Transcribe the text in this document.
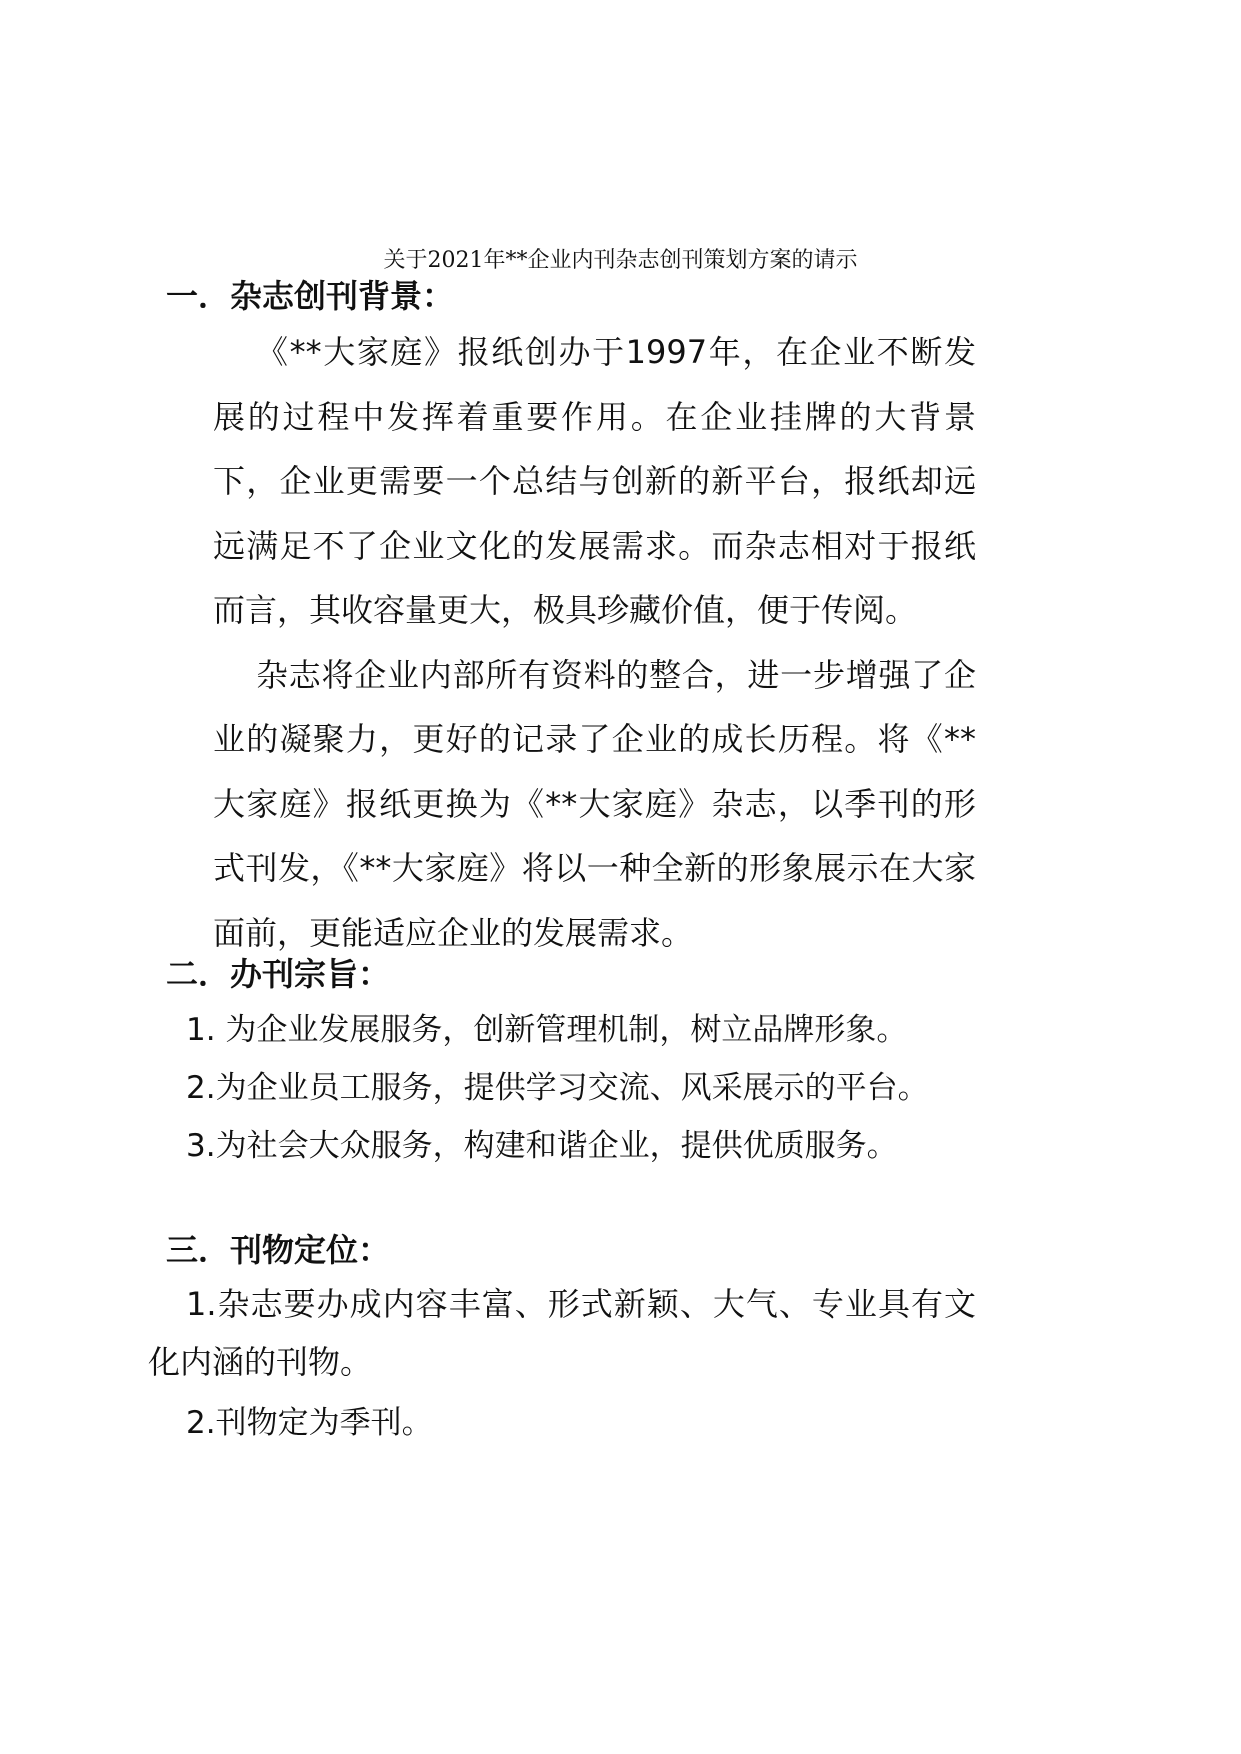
关于2021年**企业内刊杂志创刊策划方案的请示
一．杂志创刊背景：

《**大家庭》报纸创办于1997年，在企业不断发展的过程中发挥着重要作用。在企业挂牌的大背景下，企业更需要一个总结与创新的新平台，报纸却远远满足不了企业文化的发展需求。而杂志相对于报纸而言，其收容量更大，极具珍藏价值，便于传阅。

杂志将企业内部所有资料的整合，进一步增强了企业的凝聚力，更好的记录了企业的成长历程。将《**大家庭》报纸更换为《**大家庭》杂志，以季刊的形式刊发，《**大家庭》将以一种全新的形象展示在大家面前，更能适应企业的发展需求。

二．办刊宗旨：
1. 为企业发展服务，创新管理机制，树立品牌形象。
2.为企业员工服务，提供学习交流、风采展示的平台。
3.为社会大众服务，构建和谐企业，提供优质服务。
三．刊物定位：

1.杂志要办成内容丰富、形式新颖、大气、专业具有文化内涵的刊物。

2.刊物定为季刊。
